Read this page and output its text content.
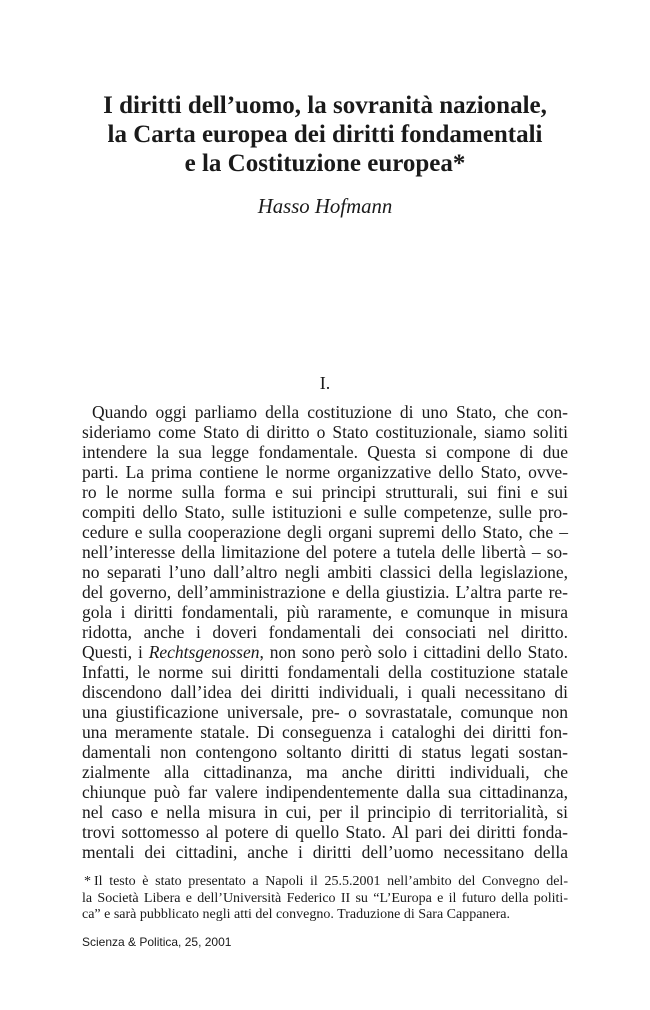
I diritti dell’uomo, la sovranità nazionale,
la Carta europea dei diritti fondamentali
e la Costituzione europea*

Hasso Hofmann

I.
Quando oggi parliamo della costituzione di uno Stato, che con-
sideriamo come Stato di diritto o Stato costituzionale, siamo soliti
intendere la sua legge fondamentale. Questa si compone di due
parti. La prima contiene le norme organizzative dello Stato, ovve-
ro le norme sulla forma e sui principi strutturali, sui fini e sui
compiti dello Stato, sulle istituzioni e sulle competenze, sulle pro-
cedure e sulla cooperazione degli organi supremi dello Stato, che –
nell’interesse della limitazione del potere a tutela delle libertà – so-
no separati l’uno dall’altro negli ambiti classici della legislazione,
del governo, dell’amministrazione e della giustizia. L’altra parte re-
gola i diritti fondamentali, più raramente, e comunque in misura
ridotta, anche i doveri fondamentali dei consociati nel diritto.
Questi, i Rechtsgenossen, non sono però solo i cittadini dello Stato.
Infatti, le norme sui diritti fondamentali della costituzione statale
discendono dall’idea dei diritti individuali, i quali necessitano di
una giustificazione universale, pre- o sovrastatale, comunque non
una meramente statale. Di conseguenza i cataloghi dei diritti fon-
damentali non contengono soltanto diritti di status legati sostan-
zialmente alla cittadinanza, ma anche diritti individuali, che
chiunque può far valere indipendentemente dalla sua cittadinanza,
nel caso e nella misura in cui, per il principio di territorialità, si
trovi sottomesso al potere di quello Stato. Al pari dei diritti fonda-
mentali dei cittadini, anche i diritti dell’uomo necessitano della
* Il testo è stato presentato a Napoli il 25.5.2001 nell’ambito del Convegno del-
la Società Libera e dell’Università Federico II su “L’Europa e il futuro della politi-
ca” e sarà pubblicato negli atti del convegno. Traduzione di Sara Cappanera.
Scienza & Politica, 25, 2001
